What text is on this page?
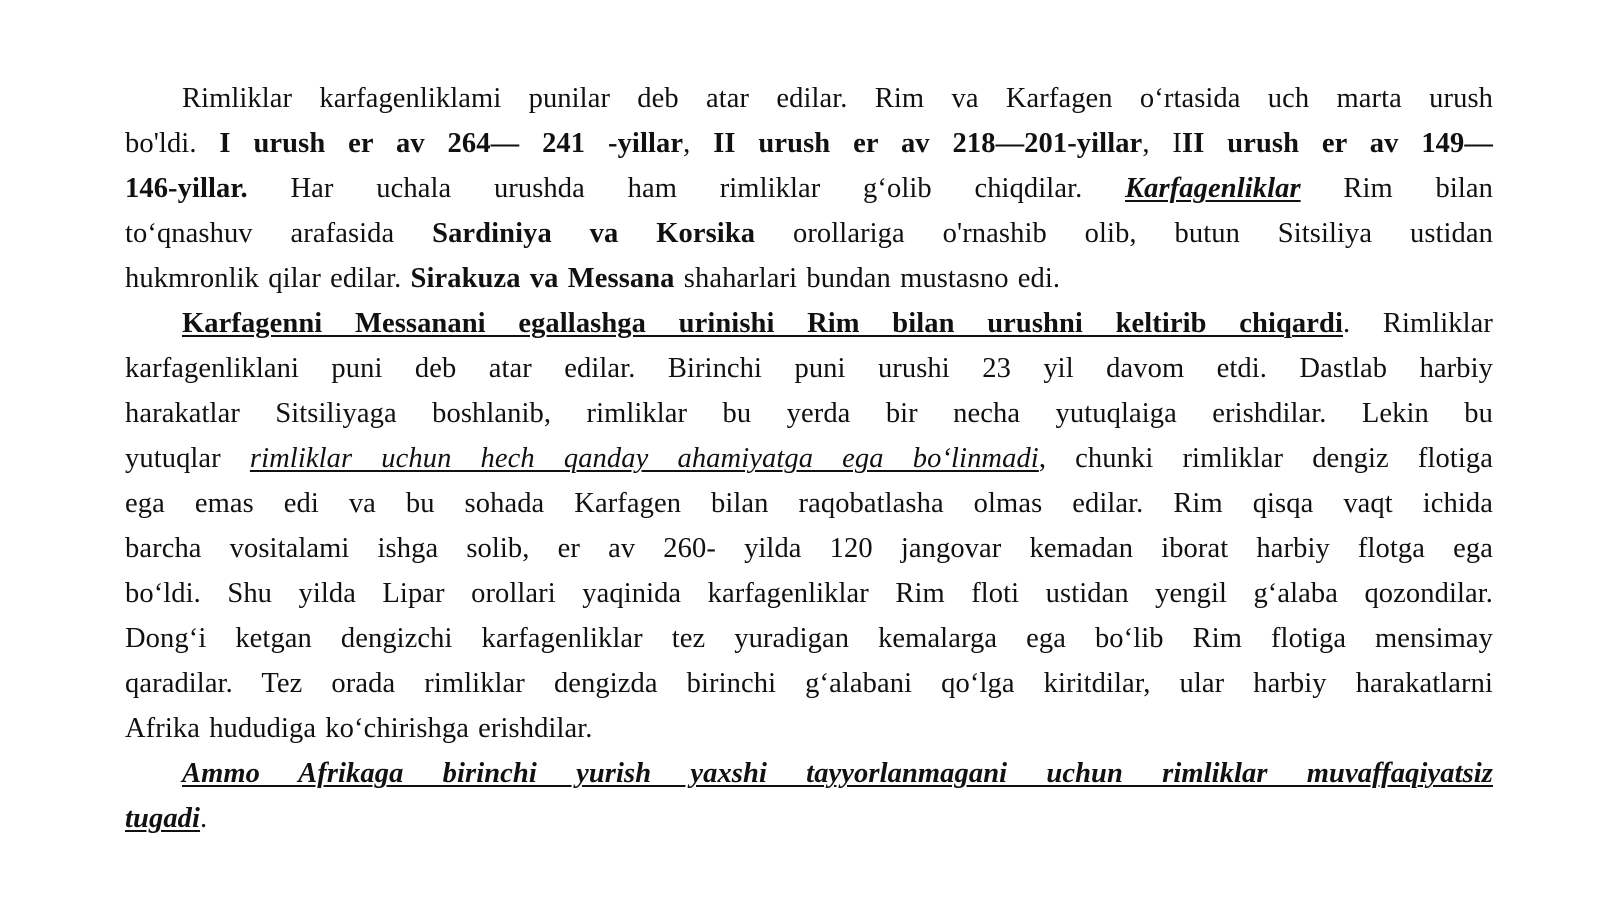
Rimliklar karfagenliklami punilar deb atar edilar. Rim va Karfagen o‘rtasida uch marta urush
bo'ldi. I urush er av 264— 241 -yillar, II urush er av 218—201-yillar, III urush er av 149—
146-yillar. Har uchala urushda ham rimliklar g‘olib chiqdilar. Karfagenliklar Rim bilan
to‘qnashuv arafasida Sardiniya va Korsika orollariga o'rnashib olib, butun Sitsiliya ustidan
hukmronlik qilar edilar. Sirakuza va Messana shaharlari bundan mustasno edi.
Karfagenni Messanani egallashga urinishi Rim bilan urushni keltirib chiqardi. Rimliklar
karfagenliklani puni deb atar edilar. Birinchi puni urushi 23 yil davom etdi. Dastlab harbiy
harakatlar Sitsiliyaga boshlanib, rimliklar bu yerda bir necha yutuqlaiga erishdilar. Lekin bu
yutuqlar rimliklar uchun hech qanday ahamiyatga ega bo‘linmadi, chunki rimliklar dengiz flotiga
ega emas edi va bu sohada Karfagen bilan raqobatlasha olmas edilar. Rim qisqa vaqt ichida
barcha vositalami ishga solib, er av 260- yilda 120 jangovar kemadan iborat harbiy flotga ega
bo‘ldi. Shu yilda Lipar orollari yaqinida karfagenliklar Rim floti ustidan yengil g‘alaba qozondilar.
Dong‘i ketgan dengizchi karfagenliklar tez yuradigan kemalarga ega bo‘lib Rim flotiga mensimay
qaradilar. Tez orada rimliklar dengizda birinchi g‘alabani qo‘lga kiritdilar, ular harbiy harakatlarni
Afrika hududiga ko‘chirishga erishdilar.
Ammo Afrikaga birinchi yurish yaxshi tayyorlanmagani uchun rimliklar muvaffaqiyatsiz
tugadi.
